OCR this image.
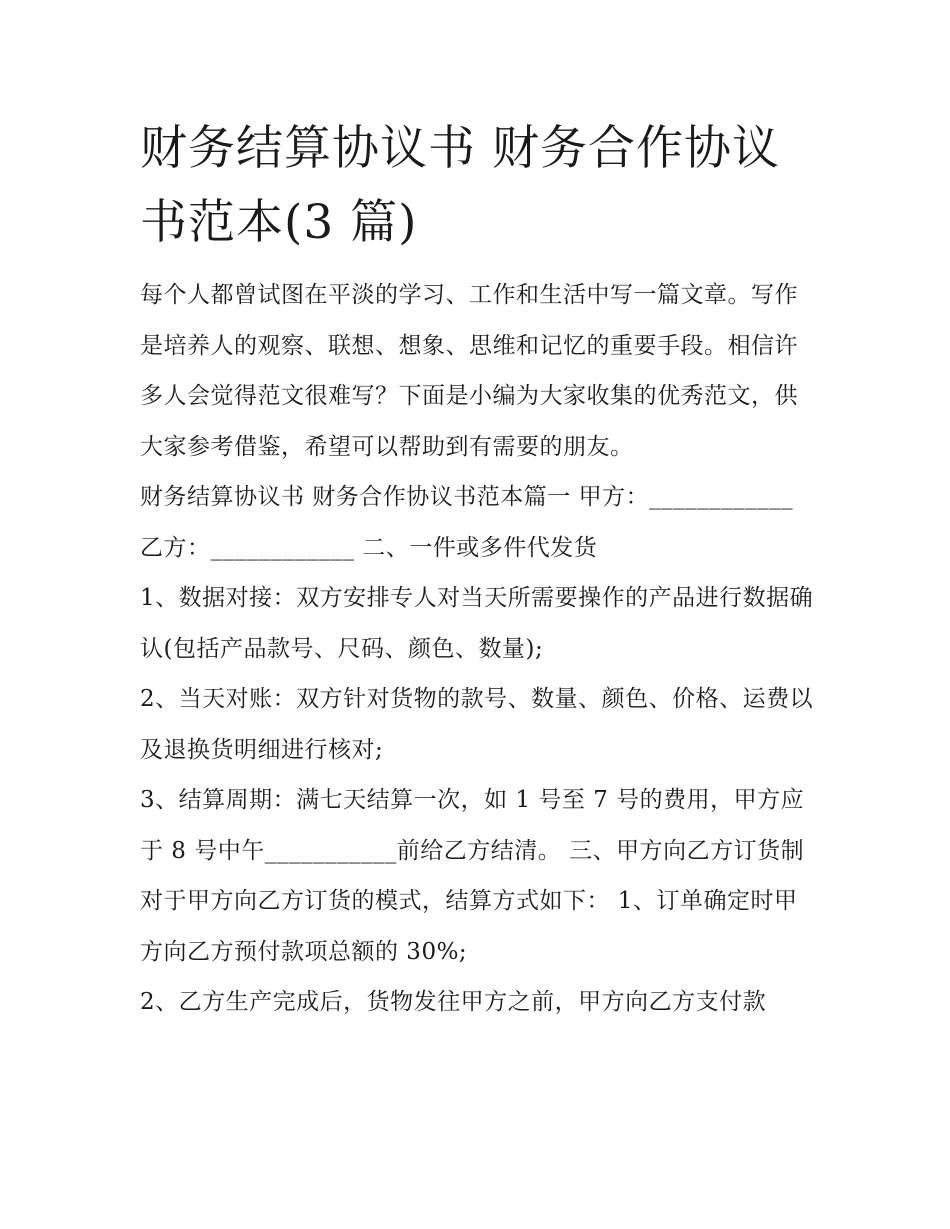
财务结算协议书 财务合作协议
书范本(3 篇)

每个人都曾试图在平淡的学习、工作和生活中写一篇文章。写作是培养人的观察、联想、想象、思维和记忆的重要手段。相信许多人会觉得范文很难写？下面是小编为大家收集的优秀范文，供大家参考借鉴，希望可以帮助到有需要的朋友。

财务结算协议书 财务合作协议书范本篇一 甲方：____________ 乙方：____________ 二、一件或多件代发货

1、数据对接：双方安排专人对当天所需要操作的产品进行数据确认(包括产品款号、尺码、颜色、数量);

2、当天对账：双方针对货物的款号、数量、颜色、价格、运费以及退换货明细进行核对;

3、结算周期：满七天结算一次，如 1 号至 7 号的费用，甲方应于 8 号中午___________前给乙方结清。 三、甲方向乙方订货制

对于甲方向乙方订货的模式，结算方式如下： 1、订单确定时甲方向乙方预付款项总额的 30%;

2、乙方生产完成后，货物发往甲方之前，甲方向乙方支付款
